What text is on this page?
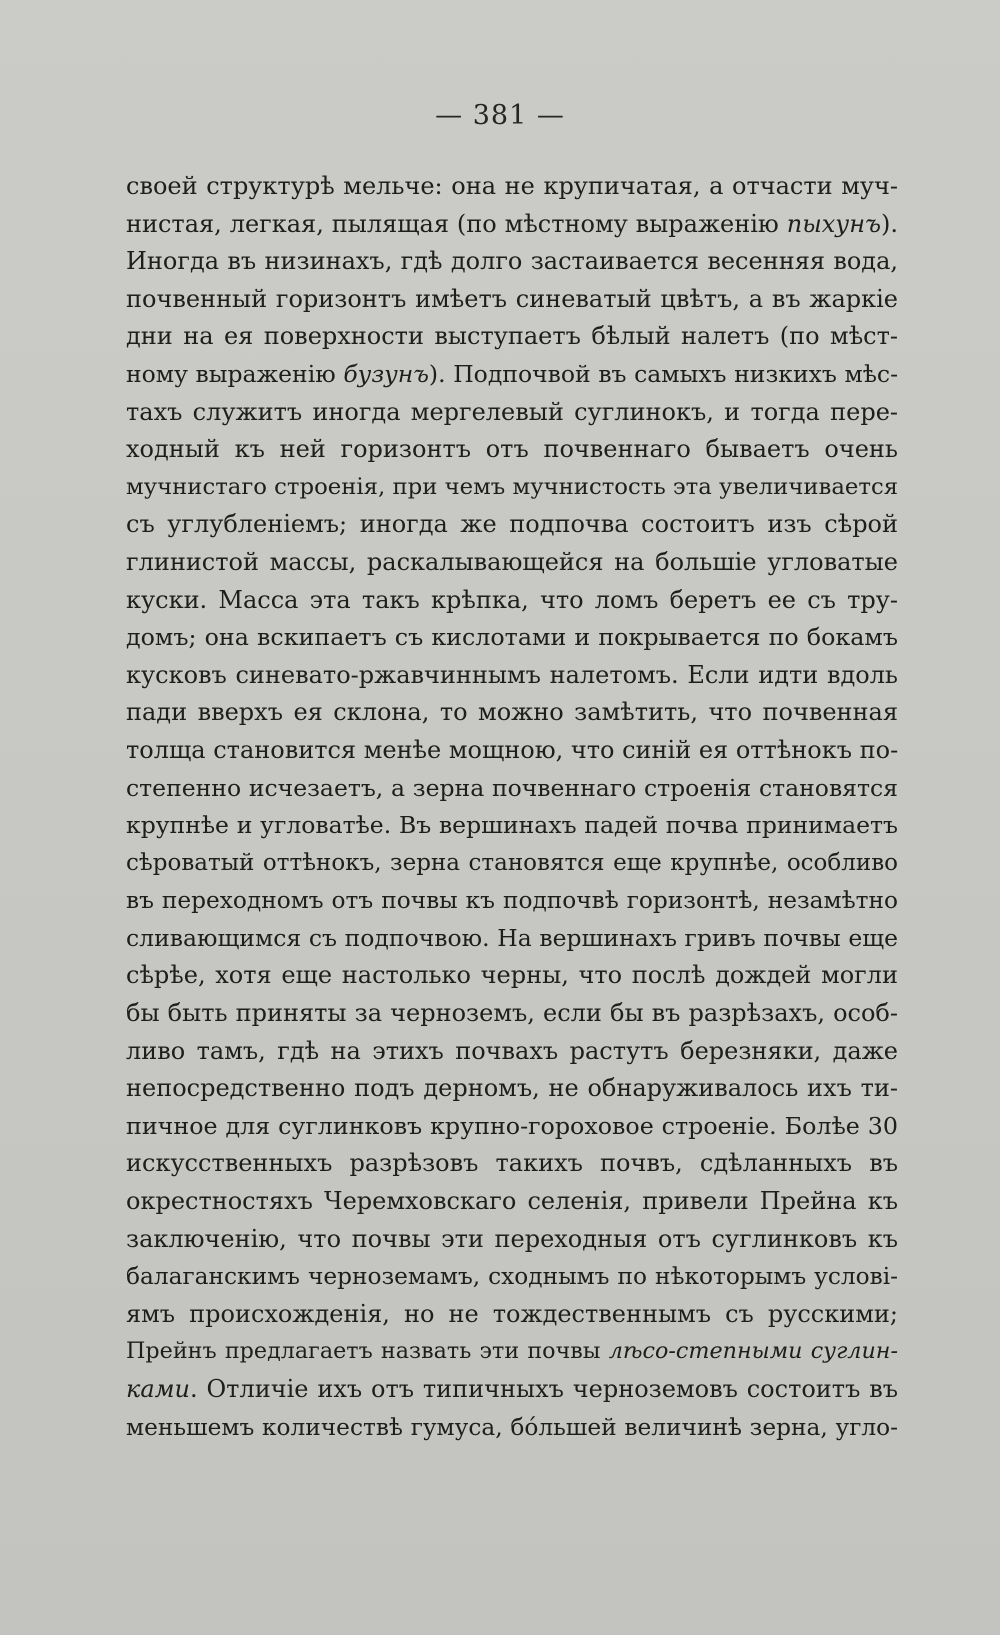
— 381 —
своей структурѣ мельче: она не крупичатая, а отчасти муч-
нистая, легкая, пылящая (по мѣстному выраженію пыхунъ).
Иногда въ низинахъ, гдѣ долго застаивается весенняя вода,
почвенный горизонтъ имѣетъ синеватый цвѣтъ, а въ жаркіе
дни на ея поверхности выступаетъ бѣлый налетъ (по мѣст-
ному выраженію бузунъ). Подпочвой въ самыхъ низкихъ мѣс-
тахъ служитъ иногда мергелевый суглинокъ, и тогда пере-
ходный къ ней горизонтъ отъ почвеннаго бываетъ очень
мучнистаго строенія, при чемъ мучнистость эта увеличивается
съ углубленіемъ; иногда же подпочва состоитъ изъ сѣрой
глинистой массы, раскалывающейся на большіе угловатые
куски. Масса эта такъ крѣпка, что ломъ беретъ ее съ тру-
домъ; она вскипаетъ съ кислотами и покрывается по бокамъ
кусковъ синевато-ржавчиннымъ налетомъ. Если идти вдоль
пади вверхъ ея склона, то можно замѣтить, что почвенная
толща становится менѣе мощною, что синій ея оттѣнокъ по-
степенно исчезаетъ, а зерна почвеннаго строенія становятся
крупнѣе и угловатѣе. Въ вершинахъ падей почва принимаетъ
сѣроватый оттѣнокъ, зерна становятся еще крупнѣе, особливо
въ переходномъ отъ почвы къ подпочвѣ горизонтѣ, незамѣтно
сливающимся съ подпочвою. На вершинахъ гривъ почвы еще
сѣрѣе, хотя еще настолько черны, что послѣ дождей могли
бы быть приняты за черноземъ, если бы въ разрѣзахъ, особ-
ливо тамъ, гдѣ на этихъ почвахъ растутъ березняки, даже
непосредственно подъ дерномъ, не обнаруживалось ихъ ти-
пичное для суглинковъ крупно-гороховое строеніе. Болѣе 30
искусственныхъ разрѣзовъ такихъ почвъ, сдѣланныхъ въ
окрестностяхъ Черемховскаго селенія, привели Прейна къ
заключенію, что почвы эти переходныя отъ суглинковъ къ
балаганскимъ черноземамъ, сходнымъ по нѣкоторымъ услові-
ямъ происхожденія, но не тождественнымъ съ русскими;
Прейнъ предлагаетъ назвать эти почвы лѣсо-степными суглин-
ками. Отличіе ихъ отъ типичныхъ черноземовъ состоитъ въ
меньшемъ количествѣ гумуса, бóльшей величинѣ зерна, угло-
